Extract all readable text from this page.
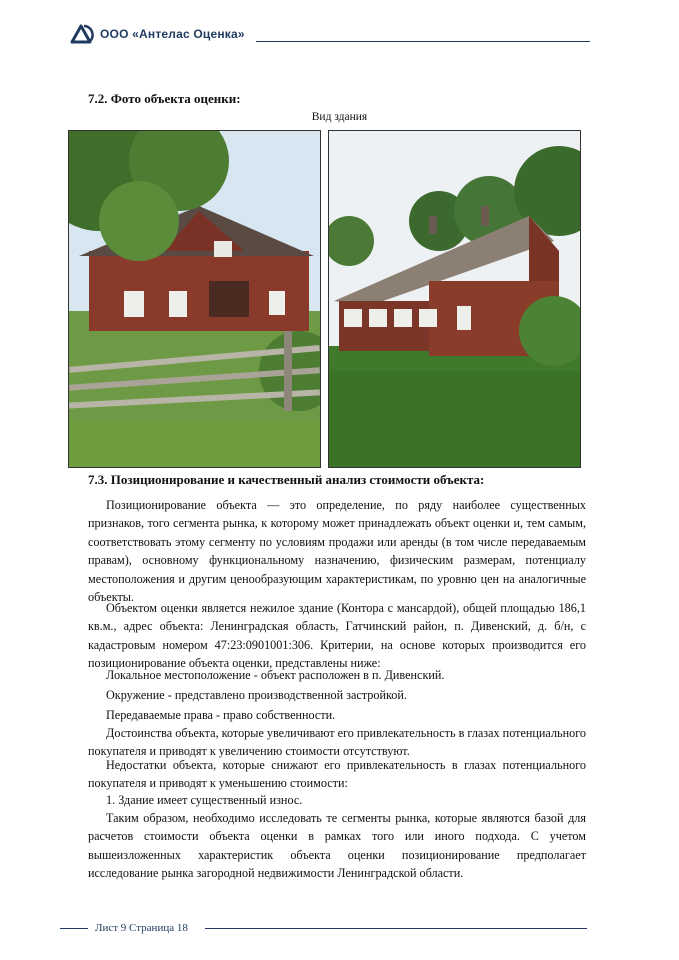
ООО «Антелас Оценка»
7.2. Фото объекта оценки:
Вид здания
7.3. Позиционирование и качественный анализ стоимости объекта:

Позиционирование объекта — это определение, по ряду наиболее существенных признаков, того сегмента рынка, к которому может принадлежать объект оценки и, тем самым, соответствовать этому сегменту по условиям продажи или аренды (в том числе передаваемым правам), основному функциональному назначению, физическим размерам, потенциалу местоположения и другим ценообразующим характеристикам, по уровню цен на аналогичные объекты.

Объектом оценки является нежилое здание (Контора с мансардой), общей площадью 186,1 кв.м., адрес объекта: Ленинградская область, Гатчинский район, п. Дивенский, д. б/н, с кадастровым номером 47:23:0901001:306. Критерии, на основе которых производится его позиционирование объекта оценки, представлены ниже:

Локальное местоположение - объект расположен в п. Дивенский.

Окружение - представлено производственной застройкой.

Передаваемые права - право собственности.

Достоинства объекта, которые увеличивают его привлекательность в глазах потенциального покупателя и приводят к увеличению стоимости отсутствуют.

Недостатки объекта, которые снижают его привлекательность в глазах потенциального покупателя и приводят к уменьшению стоимости:

1. Здание имеет существенный износ.

Таким образом, необходимо исследовать те сегменты рынка, которые являются базой для расчетов стоимости объекта оценки в рамках того или иного подхода. С учетом вышеизложенных характеристик объекта оценки позиционирование предполагает исследование рынка загородной недвижимости Ленинградской области.

Лист 9 Страница 18
